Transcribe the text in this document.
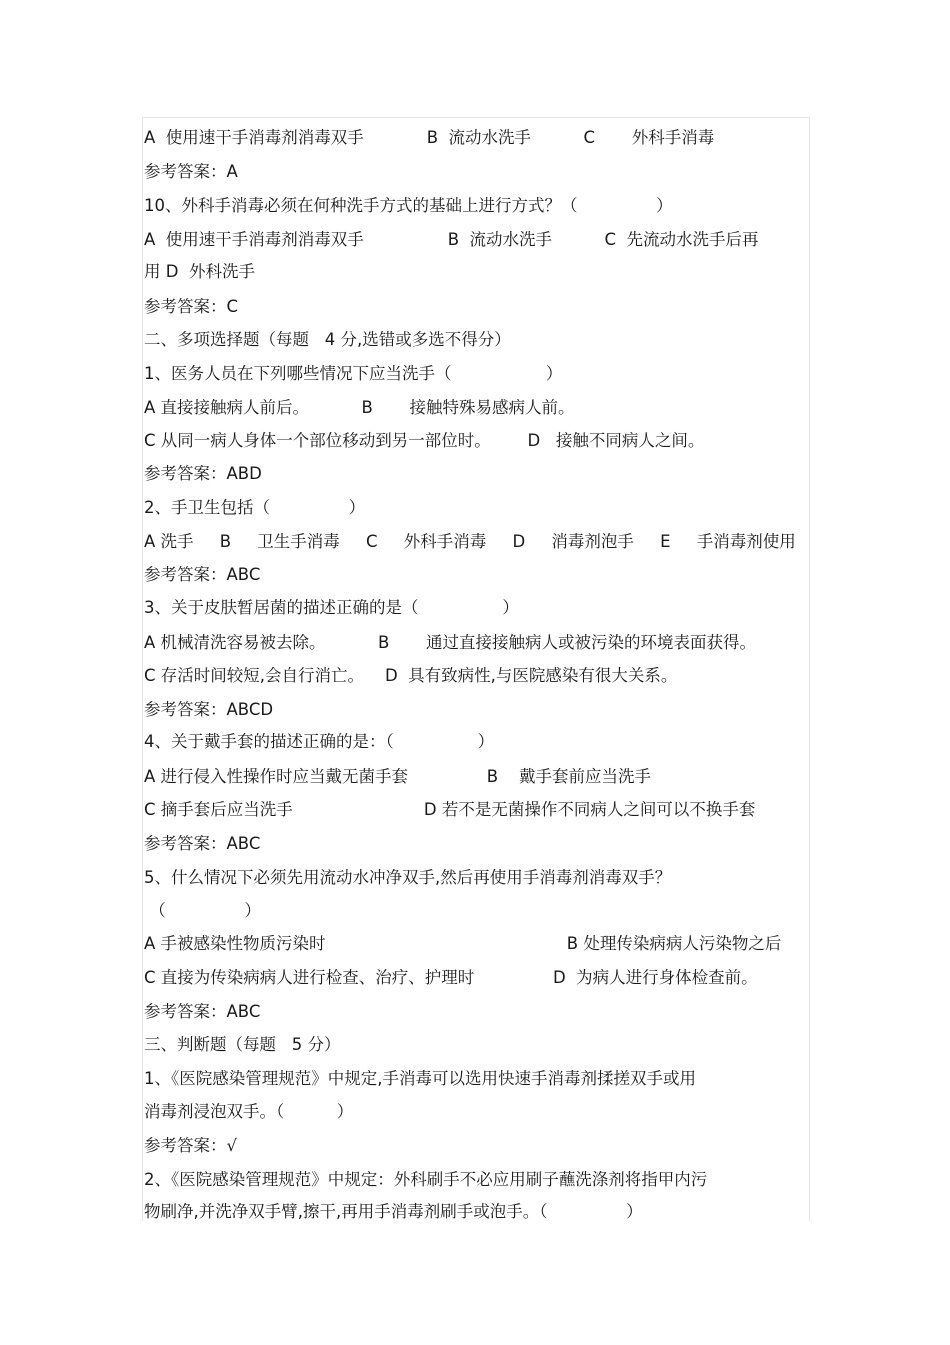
A  使用速干手消毒剂消毒双手            B  流动水洗手          C       外科手消毒
参考答案：A
10、外科手消毒必须在何种洗手方式的基础上进行方式？（               ）
A  使用速干手消毒剂消毒双手                B  流动水洗手          C  先流动水洗手后再
用 D  外科洗手
参考答案：C
二、多项选择题（每题   4 分,选错或多选不得分）
1、医务人员在下列哪些情况下应当洗手（                  ）
A 直接接触病人前后。          B       接触特殊易感病人前。
C 从同一病人身体一个部位移动到另一部位时。       D   接触不同病人之间。
参考答案：ABD
2、手卫生包括（               ）
A 洗手     B     卫生手消毒     C     外科手消毒     D     消毒剂泡手     E     手消毒剂使用
参考答案：ABC
3、关于皮肤暂居菌的描述正确的是（                ）
A 机械清洗容易被去除。          B       通过直接接触病人或被污染的环境表面获得。
C 存活时间较短,会自行消亡。    D  具有致病性,与医院感染有很大关系。
参考答案：ABCD
4、关于戴手套的描述正确的是：（                ）
A 进行侵入性操作时应当戴无菌手套               B    戴手套前应当洗手
C 摘手套后应当洗手                         D 若不是无菌操作不同病人之间可以不换手套
参考答案：ABC
5、什么情况下必须先用流动水冲净双手,然后再使用手消毒剂消毒双手？
（               ）
A 手被感染性物质污染时                                              B 处理传染病病人污染物之后
C 直接为传染病病人进行检查、治疗、护理时               D  为病人进行身体检查前。
参考答案：ABC
三、判断题（每题   5 分）
1、《医院感染管理规范》中规定,手消毒可以选用快速手消毒剂揉搓双手或用
消毒剂浸泡双手。（          ）
参考答案：√
2、《医院感染管理规范》中规定：外科刷手不必应用刷子蘸洗涤剂将指甲内污
物刷净,并洗净双手臂,擦干,再用手消毒剂刷手或泡手。（               ）
